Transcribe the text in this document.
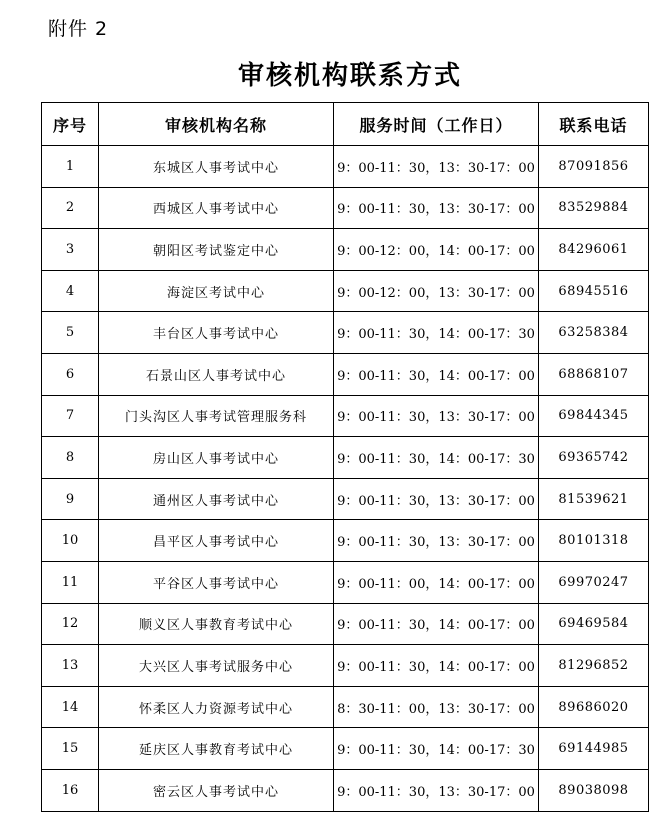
附件 2
审核机构联系方式
序号	审核机构名称	服务时间（工作日）	联系电话
1	东城区人事考试中心	9：00-11：30，13：30-17：00	87091856
2	西城区人事考试中心	9：00-11：30，13：30-17：00	83529884
3	朝阳区考试鉴定中心	9：00-12：00，14：00-17：00	84296061
4	海淀区考试中心	9：00-12：00，13：30-17：00	68945516
5	丰台区人事考试中心	9：00-11：30，14：00-17：30	63258384
6	石景山区人事考试中心	9：00-11：30，14：00-17：00	68868107
7	门头沟区人事考试管理服务科	9：00-11：30，13：30-17：00	69844345
8	房山区人事考试中心	9：00-11：30，14：00-17：30	69365742
9	通州区人事考试中心	9：00-11：30，13：30-17：00	81539621
10	昌平区人事考试中心	9：00-11：30，13：30-17：00	80101318
11	平谷区人事考试中心	9：00-11：00，14：00-17：00	69970247
12	顺义区人事教育考试中心	9：00-11：30，14：00-17：00	69469584
13	大兴区人事考试服务中心	9：00-11：30，14：00-17：00	81296852
14	怀柔区人力资源考试中心	8：30-11：00，13：30-17：00	89686020
15	延庆区人事教育考试中心	9：00-11：30，14：00-17：30	69144985
16	密云区人事考试中心	9：00-11：30，13：30-17：00	89038098
